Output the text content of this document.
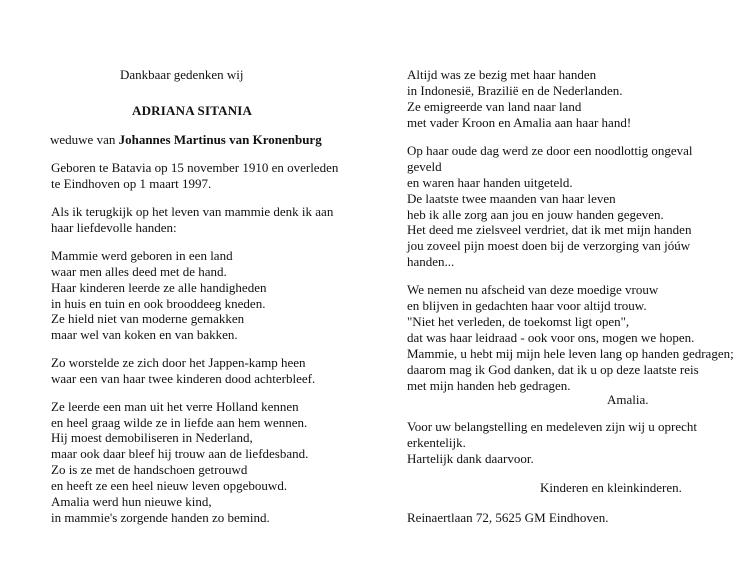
Dankbaar gedenken wij
ADRIANA SITANIA
weduwe van Johannes Martinus van Kronenburg
Geboren te Batavia op 15 november 1910 en overleden
te Eindhoven op 1 maart 1997.
Als ik terugkijk op het leven van mammie denk ik aan
haar liefdevolle handen:
Mammie werd geboren in een land
waar men alles deed met de hand.
Haar kinderen leerde ze alle handigheden
in huis en tuin en ook brooddeeg kneden.
Ze hield niet van moderne gemakken
maar wel van koken en van bakken.
Zo worstelde ze zich door het Jappen-kamp heen
waar een van haar twee kinderen dood achterbleef.
Ze leerde een man uit het verre Holland kennen
en heel graag wilde ze in liefde aan hem wennen.
Hij moest demobiliseren in Nederland,
maar ook daar bleef hij trouw aan de liefdesband.
Zo is ze met de handschoen getrouwd
en heeft ze een heel nieuw leven opgebouwd.
Amalia werd hun nieuwe kind,
in mammie's zorgende handen zo bemind.
Altijd was ze bezig met haar handen
in Indonesië, Brazilië en de Nederlanden.
Ze emigreerde van land naar land
met vader Kroon en Amalia aan haar hand!
Op haar oude dag werd ze door een noodlottig ongeval
geveld
en waren haar handen uitgeteld.
De laatste twee maanden van haar leven
heb ik alle zorg aan jou en jouw handen gegeven.
Het deed me zielsveel verdriet, dat ik met mijn handen
jou zoveel pijn moest doen bij de verzorging van jóúw
handen...
We nemen nu afscheid van deze moedige vrouw
en blijven in gedachten haar voor altijd trouw.
"Niet het verleden, de toekomst ligt open",
dat was haar leidraad - ook voor ons, mogen we hopen.
Mammie, u hebt mij mijn hele leven lang op handen gedragen;
daarom mag ik God danken, dat ik u op deze laatste reis
met mijn handen heb gedragen.
Amalia.
Voor uw belangstelling en medeleven zijn wij u oprecht
erkentelijk.
Hartelijk dank daarvoor.
Kinderen en kleinkinderen.
Reinaertlaan 72, 5625 GM Eindhoven.
